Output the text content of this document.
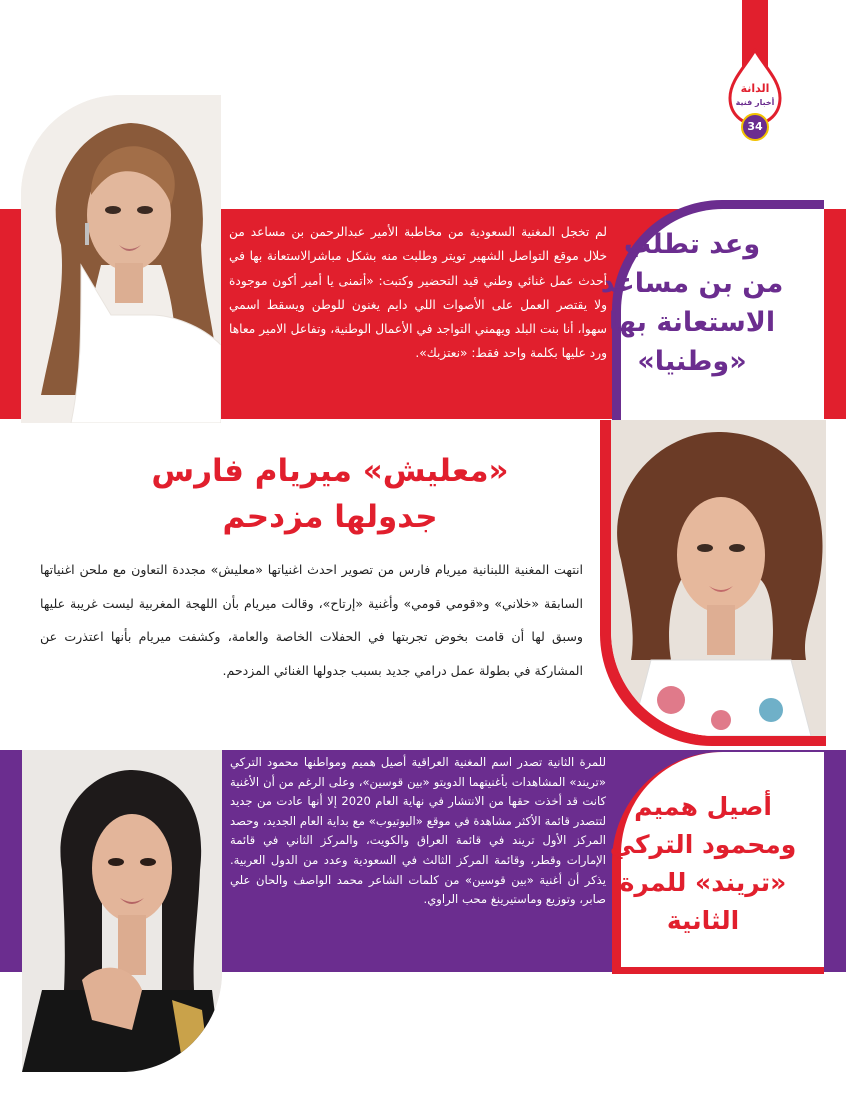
الدانة
أخبار فنية
34
لم تخجل المغنية السعودية من مخاطبة الأمير عبدالرحمن بن مساعد من خلال موقع التواصل الشهير تويتر وطلبت منه بشكل مباشرالاستعانة بها في أحدث عمل غنائي وطني قيد التحضير وكتبت: «أتمنى يا أمير أكون موجودة ولا يقتصر العمل على الأصوات اللي دايم يغنون للوطن ويسقط اسمي سهوا، أنا بنت البلد ويهمني التواجد في الأعمال الوطنية، وتفاعل الامير معاها ورد عليها بكلمة واحد فقط: «نعتزبك».
وعد تطلب
من بن مساعد
الاستعانة بها
«وطنيا»
«معليش» ميريام فارس
جدولها مزدحم
انتهت المغنية اللبنانية ميريام فارس من تصوير احدث اغنياتها «معليش» مجددة التعاون مع ملحن اغنياتها السابقة «خلاني» و«قومي قومي» وأغنية «إرتاح»، وقالت ميريام بأن اللهجة المغربية ليست غريبة عليها وسبق لها أن قامت بخوض تجربتها في الحفلات الخاصة والعامة، وكشفت ميريام بأنها اعتذرت عن المشاركة في بطولة عمل درامي جديد بسبب جدولها الغنائي المزدحم.
للمرة الثانية تصدر اسم المغنية العراقية أصيل هميم ومواطنها محمود التركي «تريند» المشاهدات بأغنيتهما الدويتو «بين قوسين»، وعلى الرغم من أن الأغنية كانت قد أخذت حقها من الانتشار في نهاية العام 2020 إلا أنها عادت من جديد لتتصدر قائمة الأكثر مشاهدة في موقع «اليوتيوب» مع بداية العام الجديد، وحصد المركز الأول تريند في قائمة العراق والكويت، والمركز الثاني في قائمة الإمارات وقطر، وقائمة المركز الثالث في السعودية وعدد من الدول العربية. يذكر أن أغنية «بين قوسين» من كلمات الشاعر محمد الواصف والحان علي صابر، وتوزيع وماستيرينغ محب الراوي.
أصيل هميم
ومحمود التركي
«تريند» للمرة
الثانية
